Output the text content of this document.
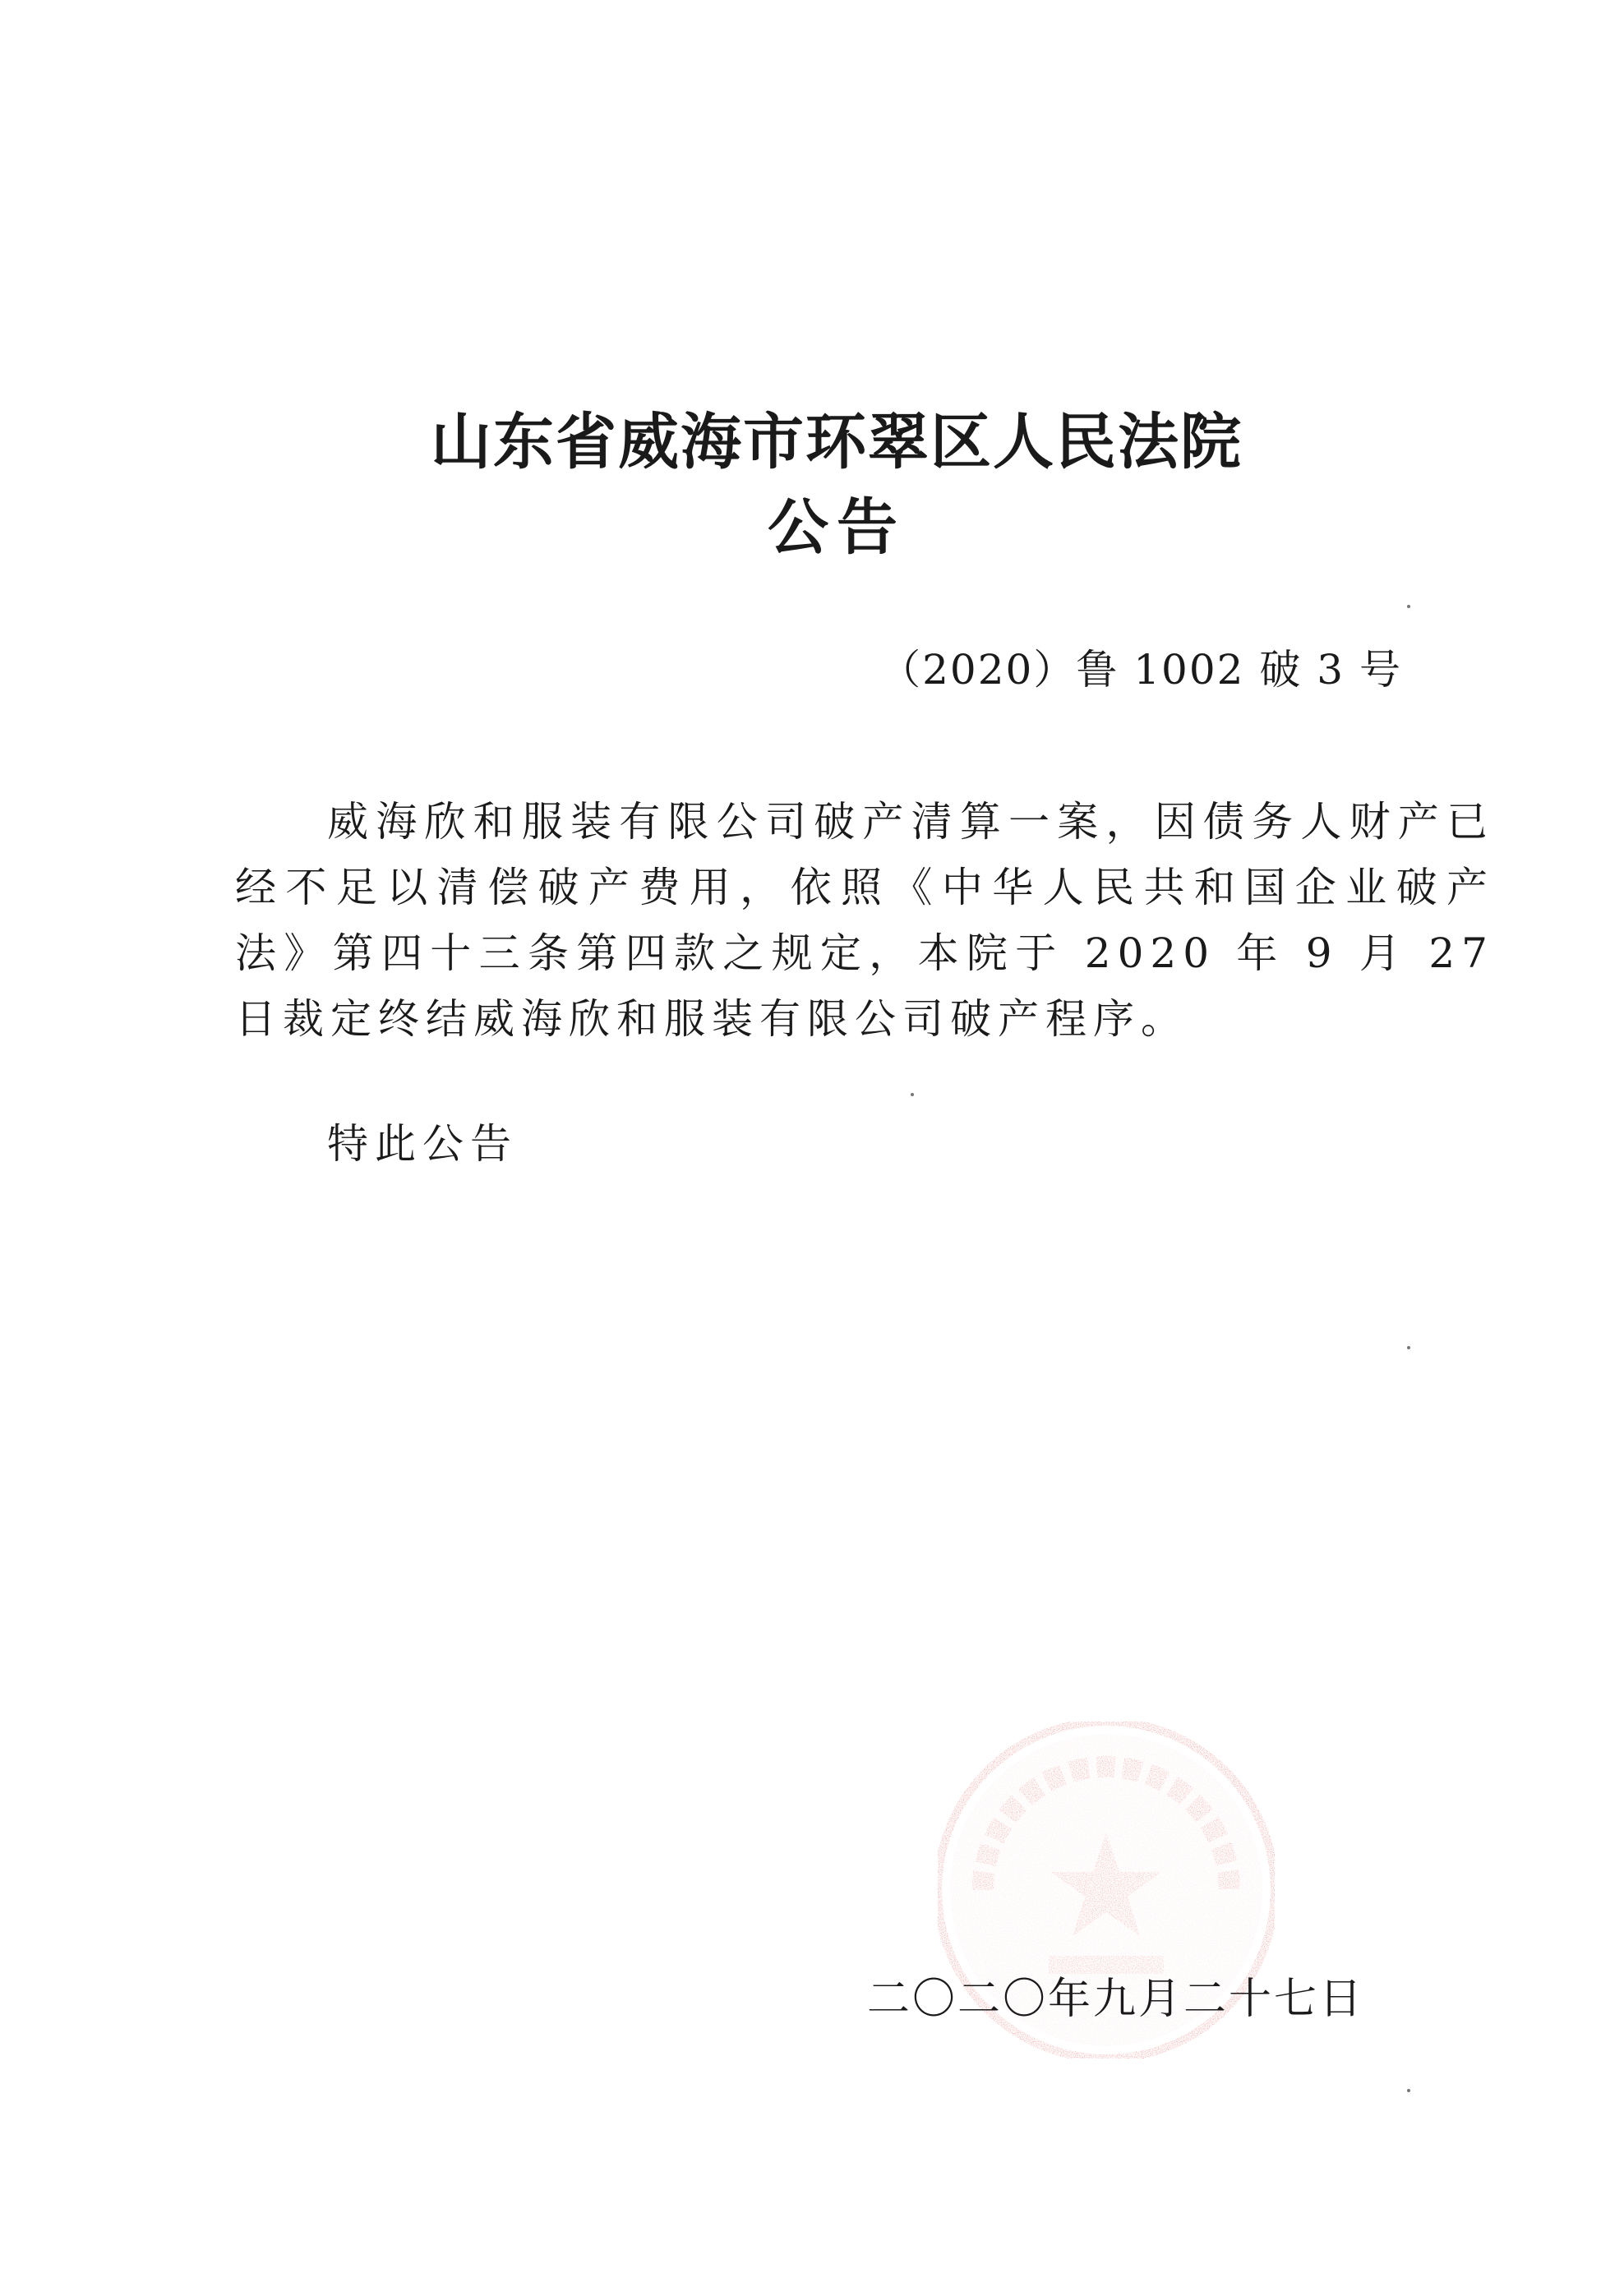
山东省威海市环翠区人民法院
公告
（2020）鲁 1002 破 3 号

威海欣和服装有限公司破产清算一案，因债务人财产已经不足以清偿破产费用，依照《中华人民共和国企业破产法》第四十三条第四款之规定，本院于 2020 年 9 月 27 日裁定终结威海欣和服装有限公司破产程序。

特此公告
二〇二〇年九月二十七日
